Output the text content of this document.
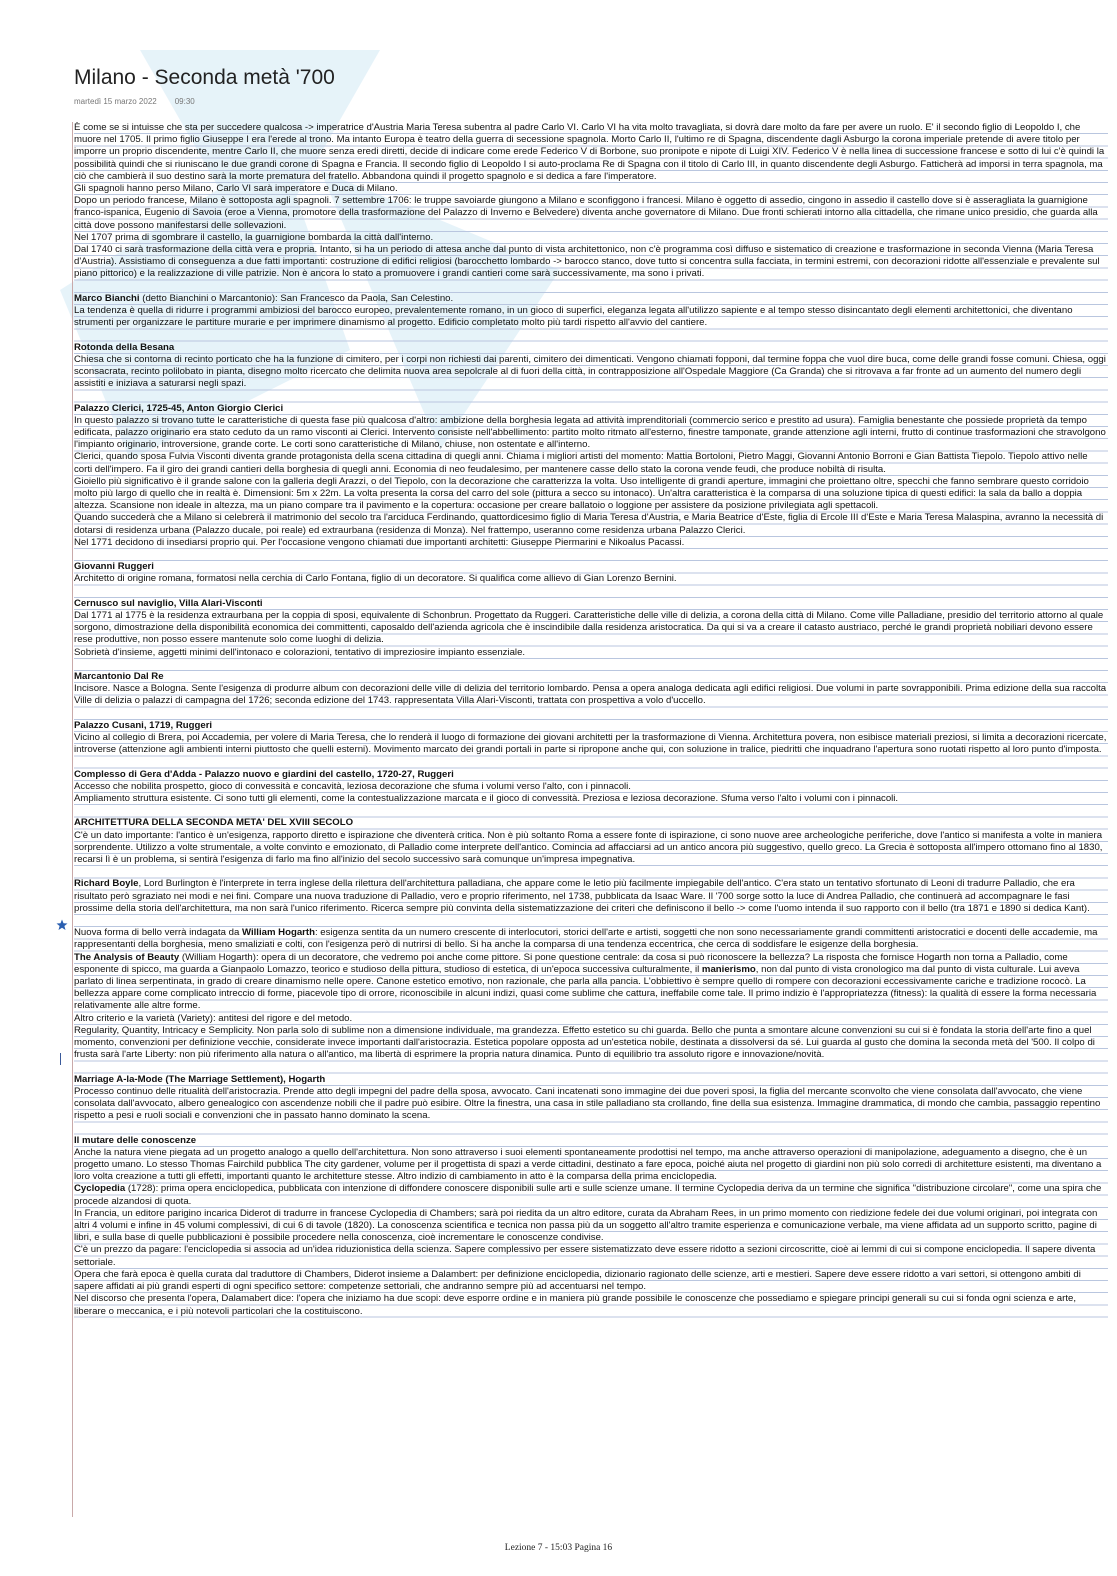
Milano - Seconda metà '700
martedì 15 marzo 2022 09:30

È come se si intuisse che sta per succedere qualcosa -> imperatrice d'Austria Maria Teresa subentra al padre Carlo VI. Carlo VI ha vita molto travagliata, si dovrà dare molto da fare per avere un ruolo. E' il secondo figlio di Leopoldo I, che muore nel 1705. Il primo figlio Giuseppe I era l'erede al trono. Ma intanto Europa è teatro della guerra di secessione spagnola. Morto Carlo II, l'ultimo re di Spagna, discendente dagli Asburgo la corona imperiale pretende di avere titolo per imporre un proprio discendente, mentre Carlo II, che muore senza eredi diretti, decide di indicare come erede Federico V di Borbone, suo pronipote e nipote di Luigi XIV. Federico V è nella linea di successione francese e sotto di lui c'è quindi la possibilità quindi che si riuniscano le due grandi corone di Spagna e Francia. Il secondo figlio di Leopoldo I si auto-proclama Re di Spagna con il titolo di Carlo III, in quanto discendente degli Asburgo. Fatticherà ad imporsi in terra spagnola, ma ciò che cambierà il suo destino sarà la morte prematura del fratello. Abbandona quindi il progetto spagnolo e si dedica a fare l'imperatore.

Gli spagnoli hanno perso Milano, Carlo VI sarà imperatore e Duca di Milano.

Dopo un periodo francese, Milano è sottoposta agli spagnoli. 7 settembre 1706: le truppe savoiarde giungono a Milano e sconfiggono i francesi. Milano è oggetto di assedio, cingono in assedio il castello dove si è asseragliata la guarnigione franco-ispanica, Eugenio di Savoia (eroe a Vienna, promotore della trasformazione del Palazzo di Inverno e Belvedere) diventa anche governatore di Milano. Due fronti schierati intorno alla cittadella, che rimane unico presidio, che guarda alla città dove possono manifestarsi delle sollevazioni.

Nel 1707 prima di sgombrare il castello, la guarnigione bombarda la città dall'interno.

Dal 1740 ci sarà trasformazione della città vera e propria. Intanto, si ha un periodo di attesa anche dal punto di vista architettonico, non c'è programma così diffuso e sistematico di creazione e trasformazione in seconda Vienna (Maria Teresa d'Austria). Assistiamo di conseguenza a due fatti importanti: costruzione di edifici religiosi (barocchetto lombardo -> barocco stanco, dove tutto si concentra sulla facciata, in termini estremi, con decorazioni ridotte all'essenziale e prevalente sul piano pittorico) e la realizzazione di ville patrizie. Non è ancora lo stato a promuovere i grandi cantieri come sarà successivamente, ma sono i privati.

Marco Bianchi (detto Bianchini o Marcantonio): San Francesco da Paola, San Celestino.

La tendenza è quella di ridurre i programmi ambiziosi del barocco europeo, prevalentemente romano, in un gioco di superfici, eleganza legata all'utilizzo sapiente e al tempo stesso disincantato degli elementi architettonici, che diventano strumenti per organizzare le partiture murarie e per imprimere dinamismo al progetto. Edificio completato molto più tardi rispetto all'avvio del cantiere.

Rotonda della Besana

Chiesa che si contorna di recinto porticato che ha la funzione di cimitero, per i corpi non richiesti dai parenti, cimitero dei dimenticati. Vengono chiamati fopponi, dal termine foppa che vuol dire buca, come delle grandi fosse comuni. Chiesa, oggi sconsacrata, recinto polilobato in pianta, disegno molto ricercato che delimita nuova area sepolcrale al di fuori della città, in contrapposizione all'Ospedale Maggiore (Ca Granda) che si ritrovava a far fronte ad un aumento del numero degli assistiti e iniziava a saturarsi negli spazi.

Palazzo Clerici, 1725-45, Anton Giorgio Clerici

In questo palazzo si trovano tutte le caratteristiche di questa fase più qualcosa d'altro: ambizione della borghesia legata ad attività imprenditoriali (commercio serico e prestito ad usura). Famiglia benestante che possiede proprietà da tempo edificata, palazzo originario era stato ceduto da un ramo visconti ai Clerici. Intervento consiste nell'abbellimento: partito molto ritmato all'esterno, finestre tamponate, grande attenzione agli interni, frutto di continue trasformazioni che stravolgono l'impianto originario, introversione, grande corte. Le corti sono caratteristiche di Milano, chiuse, non ostentate e all'interno.

Clerici, quando sposa Fulvia Visconti diventa grande protagonista della scena cittadina di quegli anni. Chiama i migliori artisti del momento: Mattia Bortoloni, Pietro Maggi, Giovanni Antonio Borroni e Gian Battista Tiepolo. Tiepolo attivo nelle corti dell'impero. Fa il giro dei grandi cantieri della borghesia di quegli anni. Economia di neo feudalesimo, per mantenere casse dello stato la corona vende feudi, che produce nobiltà di risulta.

Gioiello più significativo è il grande salone con la galleria degli Arazzi, o del Tiepolo, con la decorazione che caratterizza la volta. Uso intelligente di grandi aperture, immagini che proiettano oltre, specchi che fanno sembrare questo corridoio molto più largo di quello che in realtà è. Dimensioni: 5m x 22m. La volta presenta la corsa del carro del sole (pittura a secco su intonaco). Un'altra caratteristica è la comparsa di una soluzione tipica di questi edifici: la sala da ballo a doppia altezza. Scansione non ideale in altezza, ma un piano compare tra il pavimento e la copertura: occasione per creare ballatoio o loggione per assistere da posizione privilegiata agli spettacoli.

Quando succederà che a Milano si celebrerà il matrimonio del secolo tra l'arciduca Ferdinando, quattordicesimo figlio di Maria Teresa d'Austria, e Maria Beatrice d'Este, figlia di Ercole III d'Este e Maria Teresa Malaspina, avranno la necessità di dotarsi di residenza urbana (Palazzo ducale, poi reale) ed extraurbana (residenza di Monza). Nel frattempo, useranno come residenza urbana Palazzo Clerici.

Nel 1771 decidono di insediarsi proprio qui. Per l'occasione vengono chiamati due importanti architetti: Giuseppe Piermarini e Nikoalus Pacassi.

Giovanni Ruggeri

Architetto di origine romana, formatosi nella cerchia di Carlo Fontana, figlio di un decoratore. Si qualifica come allievo di Gian Lorenzo Bernini.

Cernusco sul naviglio, Villa Alari-Visconti

Dal 1771 al 1775 è la residenza extraurbana per la coppia di sposi, equivalente di Schonbrun. Progettato da Ruggeri. Caratteristiche delle ville di delizia, a corona della città di Milano. Come ville Palladiane, presidio del territorio attorno al quale sorgono, dimostrazione della disponibilità economica dei committenti, caposaldo dell'azienda agricola che è inscindibile dalla residenza aristocratica. Da qui si va a creare il catasto austriaco, perché le grandi proprietà nobiliari devono essere rese produttive, non posso essere mantenute solo come luoghi di delizia.

Sobrietà d'insieme, aggetti minimi dell'intonaco e colorazioni, tentativo di impreziosire impianto essenziale.

Marcantonio Dal Re

Incisore. Nasce a Bologna. Sente l'esigenza di produrre album con decorazioni delle ville di delizia del territorio lombardo. Pensa a opera analoga dedicata agli edifici religiosi. Due volumi in parte sovrapponibili. Prima edizione della sua raccolta Ville di delizia o palazzi di campagna del 1726; seconda edizione del 1743. rappresentata Villa Alari-Visconti, trattata con prospettiva a volo d'uccello.

Palazzo Cusani, 1719, Ruggeri

Vicino al collegio di Brera, poi Accademia, per volere di Maria Teresa, che lo renderà il luogo di formazione dei giovani architetti per la trasformazione di Vienna. Architettura povera, non esibisce materiali preziosi, si limita a decorazioni ricercate, introverse (attenzione agli ambienti interni piuttosto che quelli esterni). Movimento marcato dei grandi portali in parte si ripropone anche qui, con soluzione in tralice, piedritti che inquadrano l'apertura sono ruotati rispetto al loro punto d'imposta.

Complesso di Gera d'Adda - Palazzo nuovo e giardini del castello, 1720-27, Ruggeri

Accesso che nobilita prospetto, gioco di convessità e concavità, leziosa decorazione che sfuma i volumi verso l'alto, con i pinnacoli.

Ampliamento struttura esistente. Ci sono tutti gli elementi, come la contestualizzazione marcata e il gioco di convessità. Preziosa e leziosa decorazione. Sfuma verso l'alto i volumi con i pinnacoli.

ARCHITETTURA DELLA SECONDA META' DEL XVIII SECOLO

C'è un dato importante: l'antico è un'esigenza, rapporto diretto e ispirazione che diventerà critica. Non è più soltanto Roma a essere fonte di ispirazione, ci sono nuove aree archeologiche periferiche, dove l'antico si manifesta a volte in maniera sorprendente. Utilizzo a volte strumentale, a volte convinto e emozionato, di Palladio come interprete dell'antico. Comincia ad affacciarsi ad un antico ancora più suggestivo, quello greco. La Grecia è sottoposta all'impero ottomano fino al 1830, recarsi lì è un problema, si sentirà l'esigenza di farlo ma fino all'inizio del secolo successivo sarà comunque un'impresa impegnativa.

Richard Boyle, Lord Burlington è l'interprete in terra inglese della rilettura dell'architettura palladiana, che appare come le letio più facilmente impiegabile dell'antico. C'era stato un tentativo sfortunato di Leoni di tradurre Palladio, che era risultato però sgraziato nei modi e nei fini. Compare una nuova traduzione di Palladio, vero e proprio riferimento, nel 1738, pubblicata da Isaac Ware. Il '700 sorge sotto la luce di Andrea Palladio, che continuerà ad accompagnare le fasi prossime della storia dell'architettura, ma non sarà l'unico riferimento. Ricerca sempre più convinta della sistematizzazione dei criteri che definiscono il bello -> come l'uomo intenda il suo rapporto con il bello (tra 1871 e 1890 si dedica Kant).

Nuova forma di bello verrà indagata da William Hogarth: esigenza sentita da un numero crescente di interlocutori, storici dell'arte e artisti, soggetti che non sono necessariamente grandi committenti aristocratici e docenti delle accademie, ma rappresentanti della borghesia, meno smaliziati e colti, con l'esigenza però di nutrirsi di bello. Si ha anche la comparsa di una tendenza eccentrica, che cerca di soddisfare le esigenze della borghesia.

The Analysis of Beauty (William Hogarth): opera di un decoratore, che vedremo poi anche come pittore. Si pone questione centrale: da cosa si può riconoscere la bellezza? La risposta che fornisce Hogarth non torna a Palladio, come esponente di spicco, ma guarda a Gianpaolo Lomazzo, teorico e studioso della pittura, studioso di estetica, di un'epoca successiva culturalmente, il manierismo, non dal punto di vista cronologico ma dal punto di vista culturale. Lui aveva parlato di linea serpentinata, in grado di creare dinamismo nelle opere. Canone estetico emotivo, non razionale, che parla alla pancia. L'obbiettivo è sempre quello di rompere con decorazioni eccessivamente cariche e tradizione rococò. La bellezza appare come complicato intreccio di forme, piacevole tipo di orrore, riconoscibile in alcuni indizi, quasi come sublime che cattura, ineffabile come tale. Il primo indizio è l'appropriatezza (fitness): la qualità di essere la forma necessaria relativamente alle altre forme.

Altro criterio e la varietà (Variety): antitesi del rigore e del metodo.

Regularity, Quantity, Intricacy e Semplicity. Non parla solo di sublime non a dimensione individuale, ma grandezza. Effetto estetico su chi guarda. Bello che punta a smontare alcune convenzioni su cui si è fondata la storia dell'arte fino a quel momento, convenzioni per definizione vecchie, considerate invece importanti dall'aristocrazia. Estetica popolare opposta ad un'estetica nobile, destinata a dissolversi da sé. Lui guarda al gusto che domina la seconda metà del '500. Il colpo di frusta sarà l'arte Liberty: non più riferimento alla natura o all'antico, ma libertà di esprimere la propria natura dinamica. Punto di equilibrio tra assoluto rigore e innovazione/novità.

Marriage A-la-Mode (The Marriage Settlement), Hogarth

Processo continuo delle ritualità dell'aristocrazia. Prende atto degli impegni del padre della sposa, avvocato. Cani incatenati sono immagine dei due poveri sposi, la figlia del mercante sconvolto che viene consolata dall'avvocato, che viene consolata dall'avvocato, albero genealogico con ascendenze nobili che il padre può esibire. Oltre la finestra, una casa in stile palladiano sta crollando, fine della sua esistenza. Immagine drammatica, di mondo che cambia, passaggio repentino rispetto a pesi e ruoli sociali e convenzioni che in passato hanno dominato la scena.

Il mutare delle conoscenze

Anche la natura viene piegata ad un progetto analogo a quello dell'architettura. Non sono attraverso i suoi elementi spontaneamente prodottisi nel tempo, ma anche attraverso operazioni di manipolazione, adeguamento a disegno, che è un progetto umano. Lo stesso Thomas Fairchild pubblica The city gardener, volume per il progettista di spazi a verde cittadini, destinato a fare epoca, poiché aiuta nel progetto di giardini non più solo corredi di architetture esistenti, ma diventano a loro volta creazione a tutti gli effetti, importanti quanto le architetture stesse. Altro indizio di cambiamento in atto è la comparsa della prima enciclopedia.

Cyclopedia (1728): prima opera enciclopedica, pubblicata con intenzione di diffondere conoscere disponibili sulle arti e sulle scienze umane. Il termine Cyclopedia deriva da un termine che significa "distribuzione circolare", come una spira che procede alzandosi di quota.

In Francia, un editore parigino incarica Diderot di tradurre in francese Cyclopedia di Chambers; sarà poi riedita da un altro editore, curata da Abraham Rees, in un primo momento con riedizione fedele dei due volumi originari, poi integrata con altri 4 volumi e infine in 45 volumi complessivi, di cui 6 di tavole (1820). La conoscenza scientifica e tecnica non passa più da un soggetto all'altro tramite esperienza e comunicazione verbale, ma viene affidata ad un supporto scritto, pagine di libri, e sulla base di quelle pubblicazioni è possibile procedere nella conoscenza, cioè incrementare le conoscenze condivise.

C'è un prezzo da pagare: l'enciclopedia si associa ad un'idea riduzionistica della scienza. Sapere complessivo per essere sistematizzato deve essere ridotto a sezioni circoscritte, cioè ai lemmi di cui si compone enciclopedia. Il sapere diventa settoriale.

Opera che farà epoca è quella curata dal traduttore di Chambers, Diderot insieme a Dalambert: per definizione enciclopedia, dizionario ragionato delle scienze, arti e mestieri. Sapere deve essere ridotto a vari settori, si ottengono ambiti di sapere affidati ai più grandi esperti di ogni specifico settore: competenze settoriali, che andranno sempre più ad accentuarsi nel tempo.

Nel discorso che presenta l'opera, Dalamabert dice: l'opera che iniziamo ha due scopi: deve esporre ordine e in maniera più grande possibile le conoscenze che possediamo e spiegare principi generali su cui si fonda ogni scienza e arte, liberare o meccanica, e i più notevoli particolari che la costituiscono.

Lezione 7 - 15:03 Pagina 16
